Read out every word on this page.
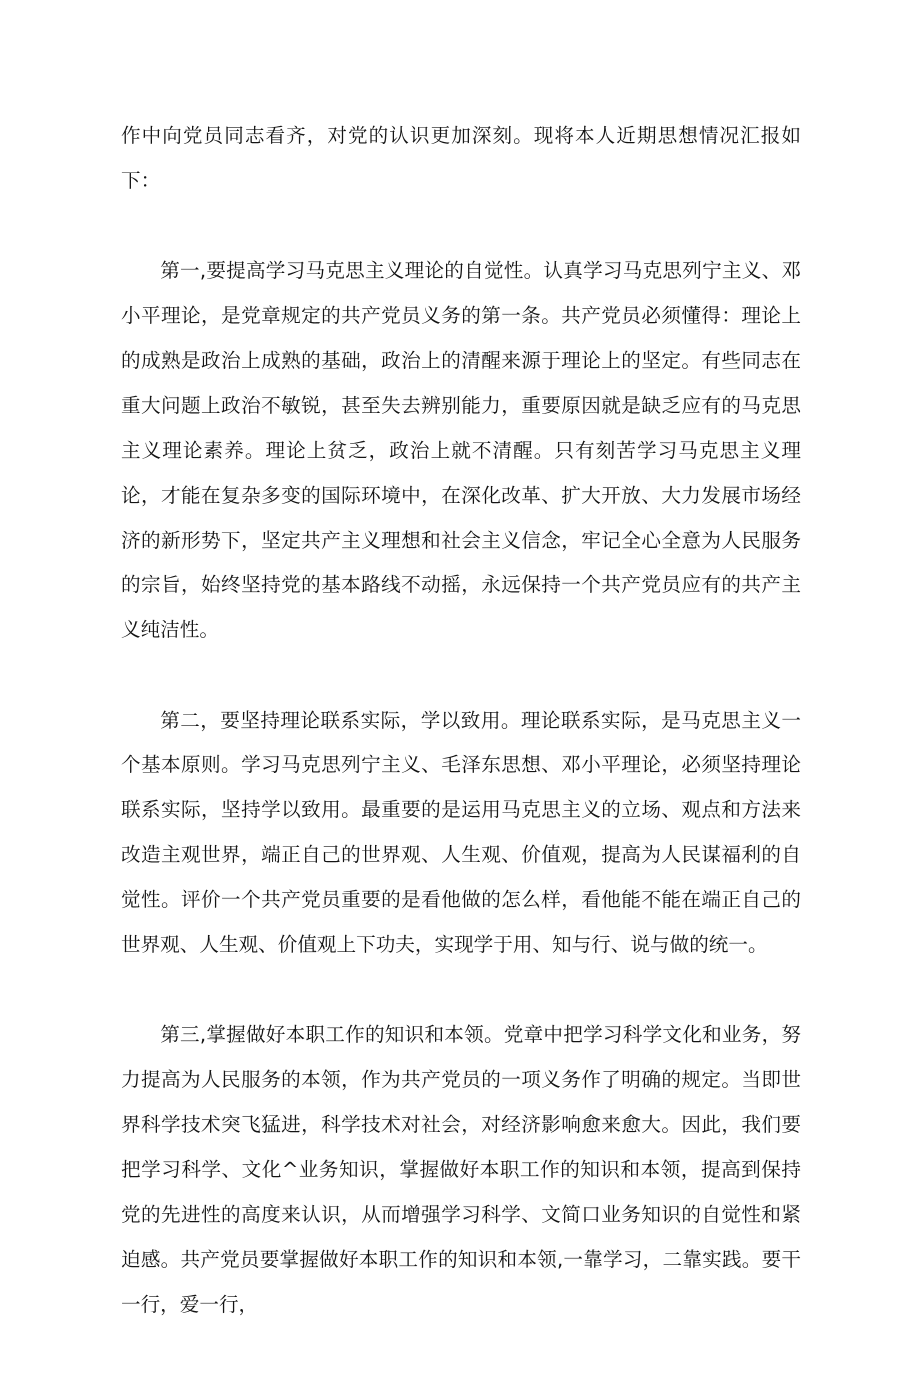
作中向党员同志看齐，对党的认识更加深刻。现将本人近期思想情况汇报如下：

第一,要提高学习马克思主义理论的自觉性。认真学习马克思列宁主义、邓小平理论，是党章规定的共产党员义务的第一条。共产党员必须懂得：理论上的成熟是政治上成熟的基础，政治上的清醒来源于理论上的坚定。有些同志在重大问题上政治不敏锐，甚至失去辨别能力，重要原因就是缺乏应有的马克思主义理论素养。理论上贫乏，政治上就不清醒。只有刻苦学习马克思主义理论，才能在复杂多变的国际环境中，在深化改革、扩大开放、大力发展市场经济的新形势下，坚定共产主义理想和社会主义信念，牢记全心全意为人民服务的宗旨，始终坚持党的基本路线不动摇，永远保持一个共产党员应有的共产主义纯洁性。

第二，要坚持理论联系实际，学以致用。理论联系实际，是马克思主义一个基本原则。学习马克思列宁主义、毛泽东思想、邓小平理论，必须坚持理论联系实际，坚持学以致用。最重要的是运用马克思主义的立场、观点和方法来改造主观世界，端正自己的世界观、人生观、价值观，提高为人民谋福利的自觉性。评价一个共产党员重要的是看他做的怎么样，看他能不能在端正自己的世界观、人生观、价值观上下功夫，实现学于用、知与行、说与做的统一。

第三,掌握做好本职工作的知识和本领。党章中把学习科学文化和业务，努力提高为人民服务的本领，作为共产党员的一项义务作了明确的规定。当即世界科学技术突飞猛进，科学技术对社会，对经济影响愈来愈大。因此，我们要把学习科学、文化^业务知识，掌握做好本职工作的知识和本领，提高到保持党的先进性的高度来认识，从而增强学习科学、文简口业务知识的自觉性和紧迫感。共产党员要掌握做好本职工作的知识和本领,一靠学习，二靠实践。要干一行，爱一行，
